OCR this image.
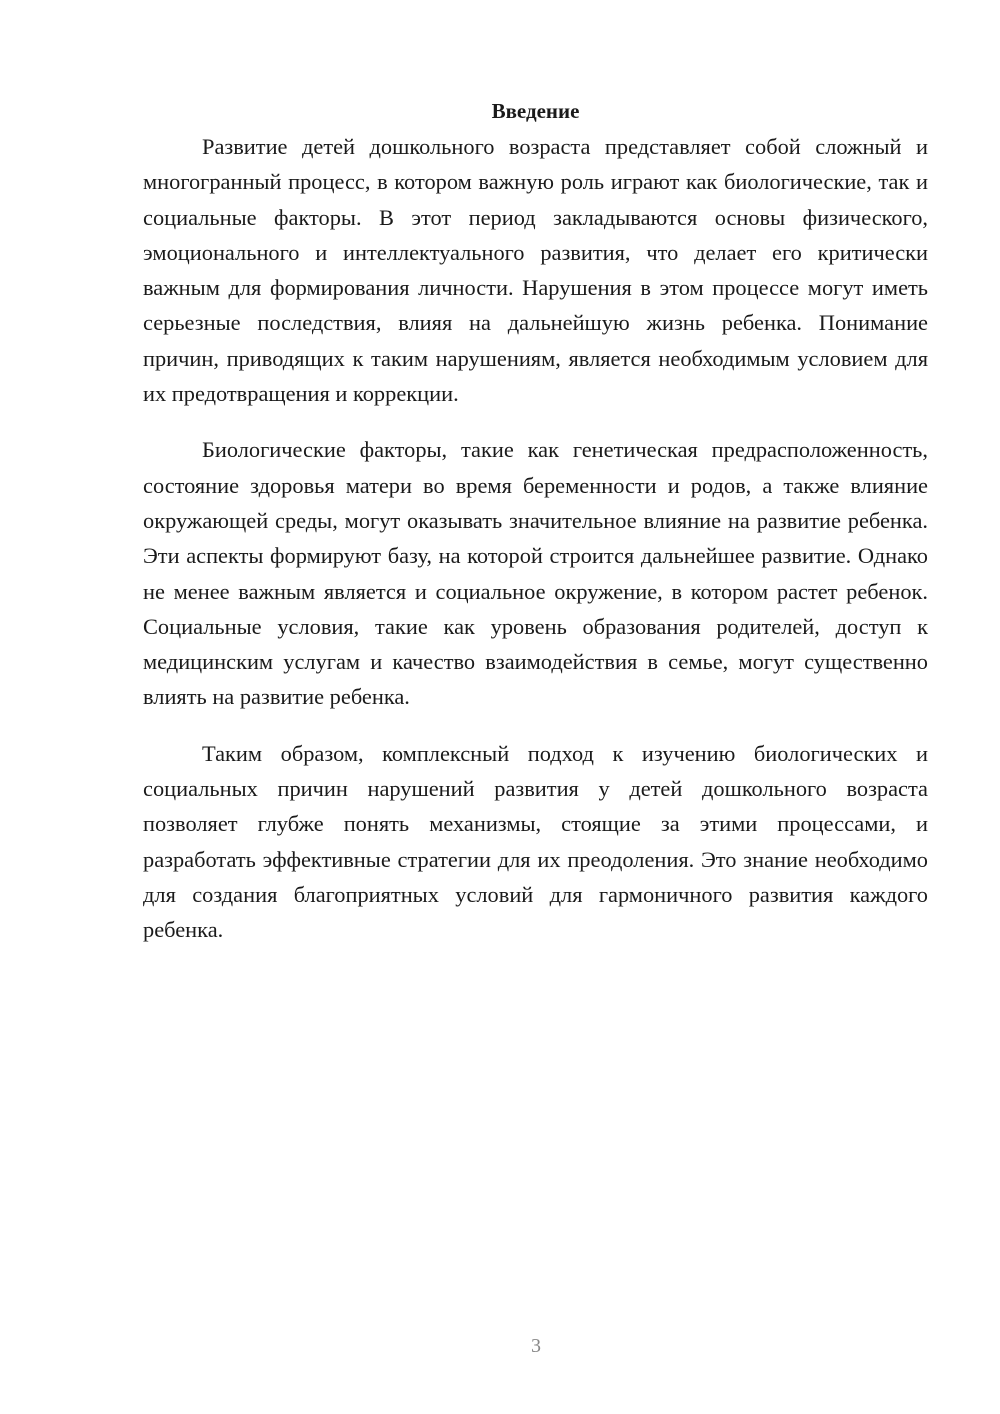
Введение

Развитие детей дошкольного возраста представляет собой сложный и многогранный процесс, в котором важную роль играют как биологические, так и социальные факторы. В этот период закладываются основы физического, эмоционального и интеллектуального развития, что делает его критически важным для формирования личности. Нарушения в этом процессе могут иметь серьезные последствия, влияя на дальнейшую жизнь ребенка. Понимание причин, приводящих к таким нарушениям, является необходимым условием для их предотвращения и коррекции.

Биологические факторы, такие как генетическая предрасположенность, состояние здоровья матери во время беременности и родов, а также влияние окружающей среды, могут оказывать значительное влияние на развитие ребенка. Эти аспекты формируют базу, на которой строится дальнейшее развитие. Однако не менее важным является и социальное окружение, в котором растет ребенок. Социальные условия, такие как уровень образования родителей, доступ к медицинским услугам и качество взаимодействия в семье, могут существенно влиять на развитие ребенка.

Таким образом, комплексный подход к изучению биологических и социальных причин нарушений развития у детей дошкольного возраста позволяет глубже понять механизмы, стоящие за этими процессами, и разработать эффективные стратегии для их преодоления. Это знание необходимо для создания благоприятных условий для гармоничного развития каждого ребенка.

3
